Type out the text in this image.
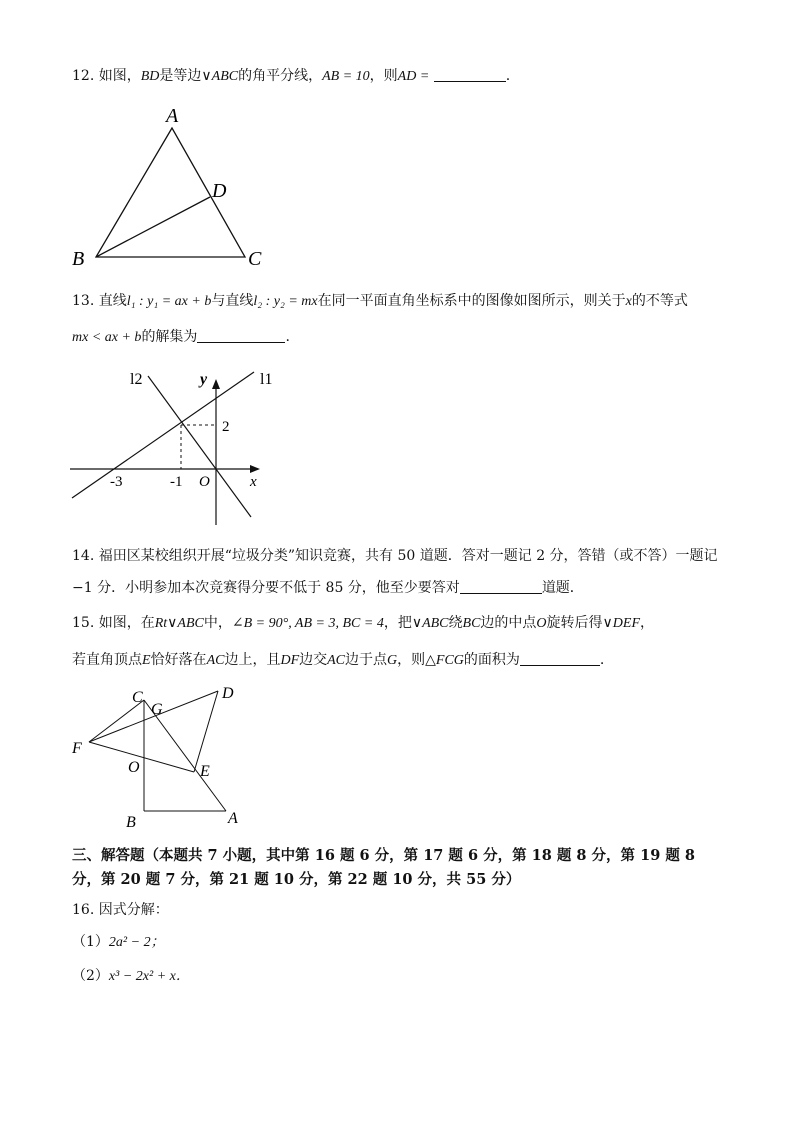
12. 如图，BD是等边∨ABC的角平分线，AB = 10，则AD =	.
A
D
B	C
13. 直线l₁ : y₁ = ax + b与直线l₂ : y₂ = mx在同一平面直角坐标系中的图像如图所示，则关于x的不等式
mx < ax + b的解集为	.
l2	y	l1
2
-3	-1 O	x
14. 福田区某校组织开展“垃圾分类”知识竞赛，共有 50 道题．答对一题记 2 分，答错（或不答）一题记
−1 分．小明参加本次竞赛得分要不低于 85 分，他至少要答对	道题．
15. 如图，在Rt∨ABC中，∠B = 90°, AB = 3, BC = 4，把∨ABC绕BC边的中点O旋转后得∨DEF，
若直角顶点E恰好落在AC边上，且DF边交AC边于点G，则△FCG的面积为	.
C
G
D
F
O	E
B	A
三、解答题（本题共 7 小题，其中第 16 题 6 分，第 17 题 6 分，第 18 题 8 分，第 19 题 8
分，第 20 题 7 分，第 21 题 10 分，第 22 题 10 分，共 55 分）
16. 因式分解：
（1）2a² − 2；
（2）x³ − 2x² + x．
